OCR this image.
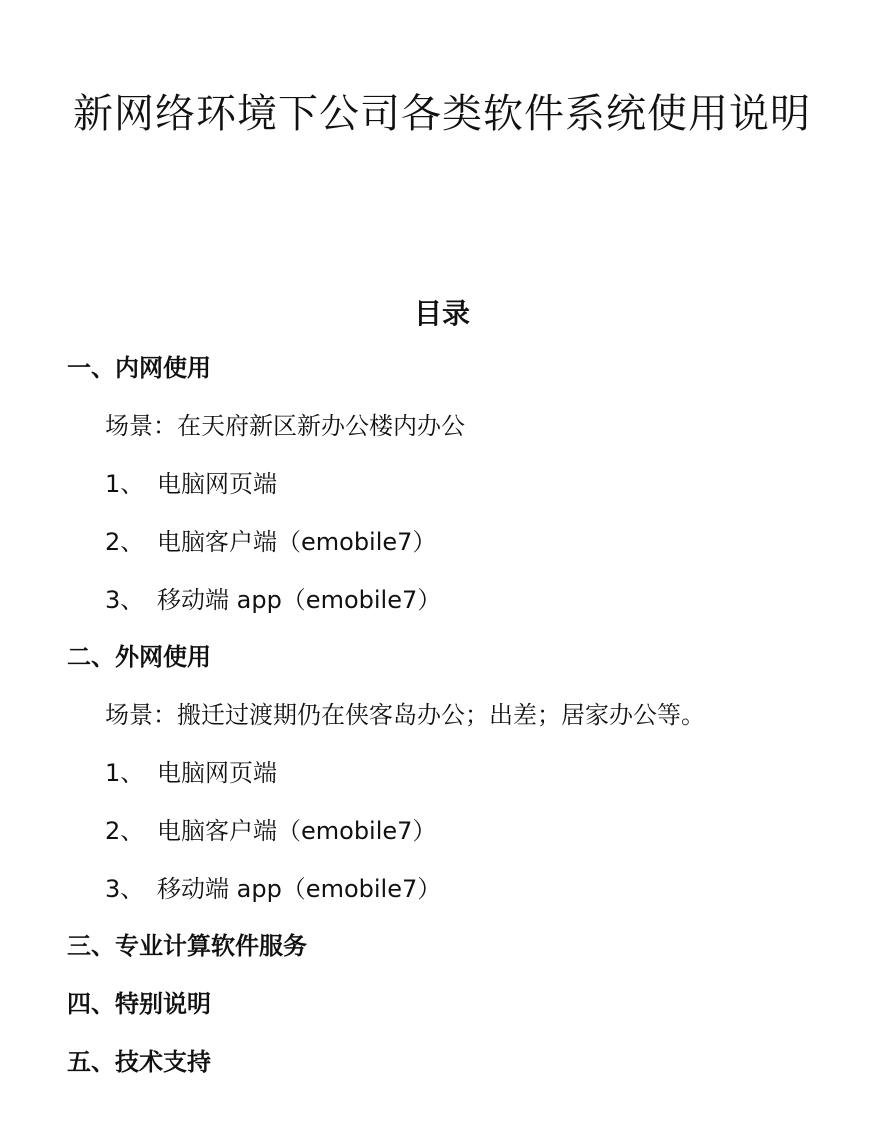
新网络环境下公司各类软件系统使用说明
目录
一、内网使用
场景：在天府新区新办公楼内办公
1、 电脑网页端
2、 电脑客户端（emobile7）
3、 移动端 app（emobile7）
二、外网使用
场景：搬迁过渡期仍在侠客岛办公；出差；居家办公等。
1、 电脑网页端
2、 电脑客户端（emobile7）
3、 移动端 app（emobile7）
三、专业计算软件服务
四、特别说明
五、技术支持
